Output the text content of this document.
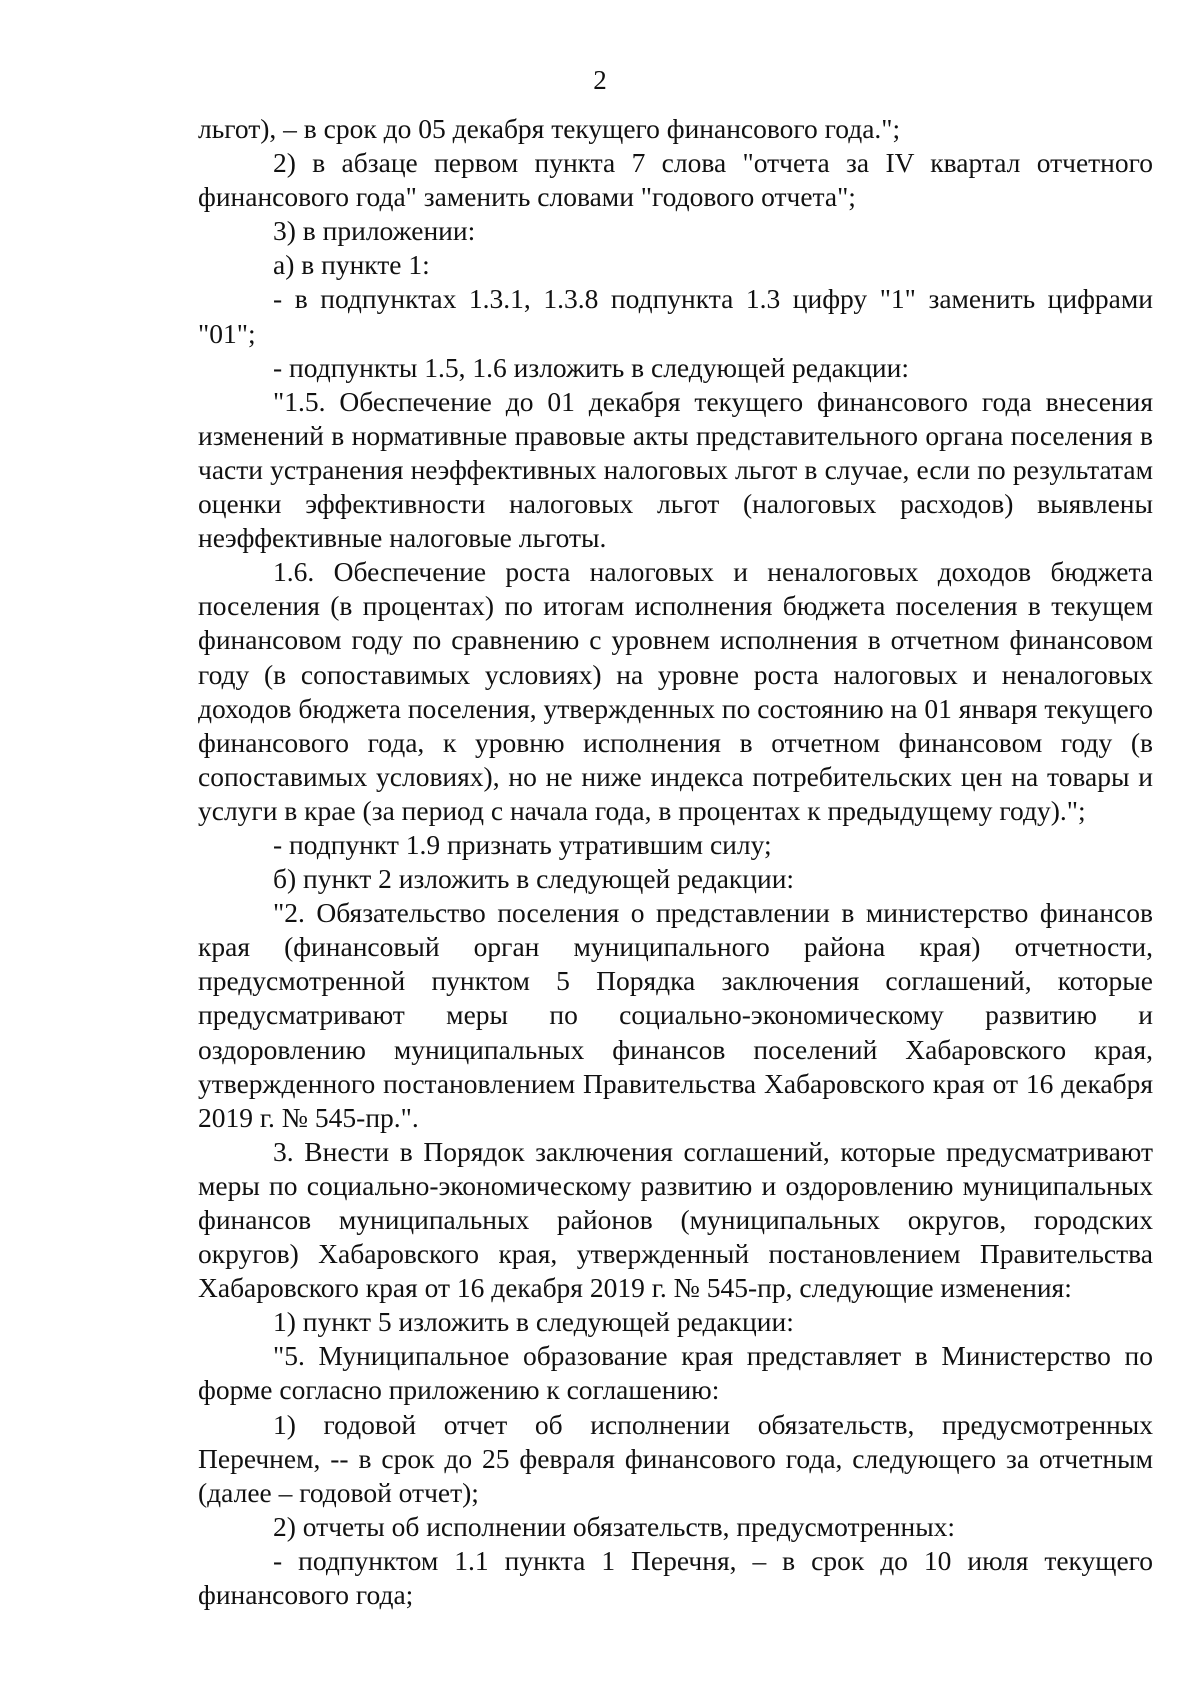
2

льгот), – в срок до 05 декабря текущего финансового года.";

2) в абзаце первом пункта 7 слова "отчета за IV квартал отчетного финансового года" заменить словами "годового отчета";

3) в приложении:

а) в пункте 1:

- в подпунктах 1.3.1, 1.3.8 подпункта 1.3 цифру "1" заменить цифрами "01";

- подпункты 1.5, 1.6 изложить в следующей редакции:

"1.5. Обеспечение до 01 декабря текущего финансового года внесения изменений в нормативные правовые акты представительного органа поселения в части устранения неэффективных налоговых льгот в случае, если по результатам оценки эффективности налоговых льгот (налоговых расходов) выявлены неэффективные налоговые льготы.

1.6. Обеспечение роста налоговых и неналоговых доходов бюджета поселения (в процентах) по итогам исполнения бюджета поселения в текущем финансовом году по сравнению с уровнем исполнения в отчетном финансовом году (в сопоставимых условиях) на уровне роста налоговых и неналоговых доходов бюджета поселения, утвержденных по состоянию на 01 января текущего финансового года, к уровню исполнения в отчетном финансовом году (в сопоставимых условиях), но не ниже индекса потребительских цен на товары и услуги в крае (за период с начала года, в процентах к предыдущему году).";

- подпункт 1.9 признать утратившим силу;

б) пункт 2 изложить в следующей редакции:

"2. Обязательство поселения о представлении в министерство финансов края (финансовый орган муниципального района края) отчетности, предусмотренной пунктом 5 Порядка заключения соглашений, которые предусматривают меры по социально-экономическому развитию и оздоровлению муниципальных финансов поселений Хабаровского края, утвержденного постановлением Правительства Хабаровского края от 16 декабря 2019 г. № 545-пр.".

3. Внести в Порядок заключения соглашений, которые предусматривают меры по социально-экономическому развитию и оздоровлению муниципальных финансов муниципальных районов (муниципальных округов, городских округов) Хабаровского края, утвержденный постановлением Правительства Хабаровского края от 16 декабря 2019 г. № 545-пр, следующие изменения:

1) пункт 5 изложить в следующей редакции:

"5. Муниципальное образование края представляет в Министерство по форме согласно приложению к соглашению:

1) годовой отчет об исполнении обязательств, предусмотренных Перечнем, -- в срок до 25 февраля финансового года, следующего за отчетным (далее – годовой отчет);

2) отчеты об исполнении обязательств, предусмотренных:

- подпунктом 1.1 пункта 1 Перечня, – в срок до 10 июля текущего финансового года;
